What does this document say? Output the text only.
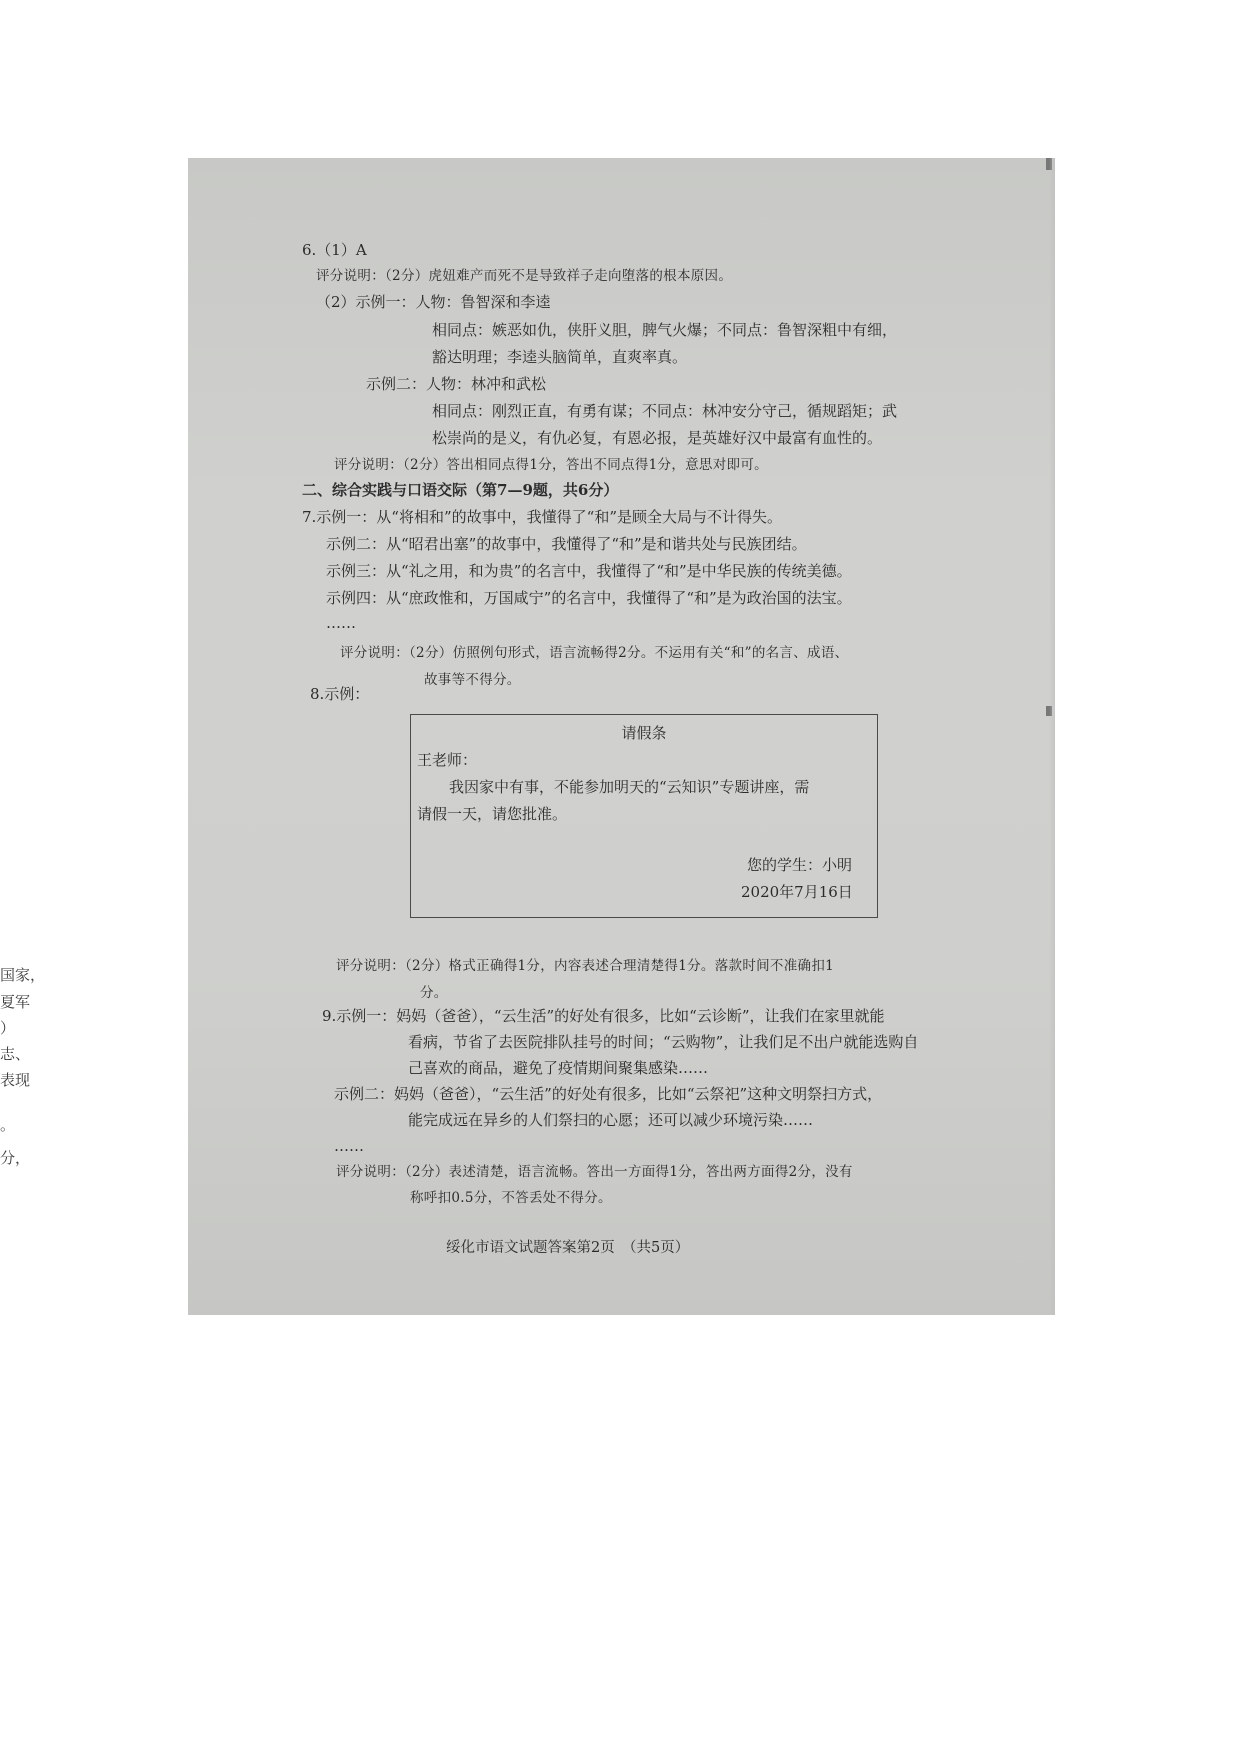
国家，
夏军
）
志、
表现
。
分，
6.（1）A
评分说明：（2分）虎妞难产而死不是导致祥子走向堕落的根本原因。
（2）示例一：人物：鲁智深和李逵
相同点：嫉恶如仇，侠肝义胆，脾气火爆；不同点：鲁智深粗中有细，
豁达明理；李逵头脑简单，直爽率真。
示例二：人物：林冲和武松
相同点：刚烈正直，有勇有谋；不同点：林冲安分守己，循规蹈矩；武
松崇尚的是义，有仇必复，有恩必报，是英雄好汉中最富有血性的。
评分说明：（2分）答出相同点得1分，答出不同点得1分，意思对即可。
二、综合实践与口语交际（第7—9题，共6分）
7.示例一：从“将相和”的故事中，我懂得了“和”是顾全大局与不计得失。
示例二：从“昭君出塞”的故事中，我懂得了“和”是和谐共处与民族团结。
示例三：从“礼之用，和为贵”的名言中，我懂得了“和”是中华民族的传统美德。
示例四：从“庶政惟和，万国咸宁”的名言中，我懂得了“和”是为政治国的法宝。
……
评分说明：（2分）仿照例句形式，语言流畅得2分。不运用有关“和”的名言、成语、
故事等不得分。
8.示例：
请假条
王老师：
我因家中有事，不能参加明天的“云知识”专题讲座，需
请假一天，请您批准。
您的学生：小明
2020年7月16日
评分说明：（2分）格式正确得1分，内容表述合理清楚得1分。落款时间不准确扣1
分。
9.示例一：妈妈（爸爸），“云生活”的好处有很多，比如“云诊断”，让我们在家里就能
看病，节省了去医院排队挂号的时间；“云购物”，让我们足不出户就能选购自
己喜欢的商品，避免了疫情期间聚集感染……
示例二：妈妈（爸爸），“云生活”的好处有很多，比如“云祭祀”这种文明祭扫方式，
能完成远在异乡的人们祭扫的心愿；还可以减少环境污染……
……
评分说明：（2分）表述清楚，语言流畅。答出一方面得1分，答出两方面得2分，没有
称呼扣0.5分，不答丢处不得分。
绥化市语文试题答案第2页　（共5页）
